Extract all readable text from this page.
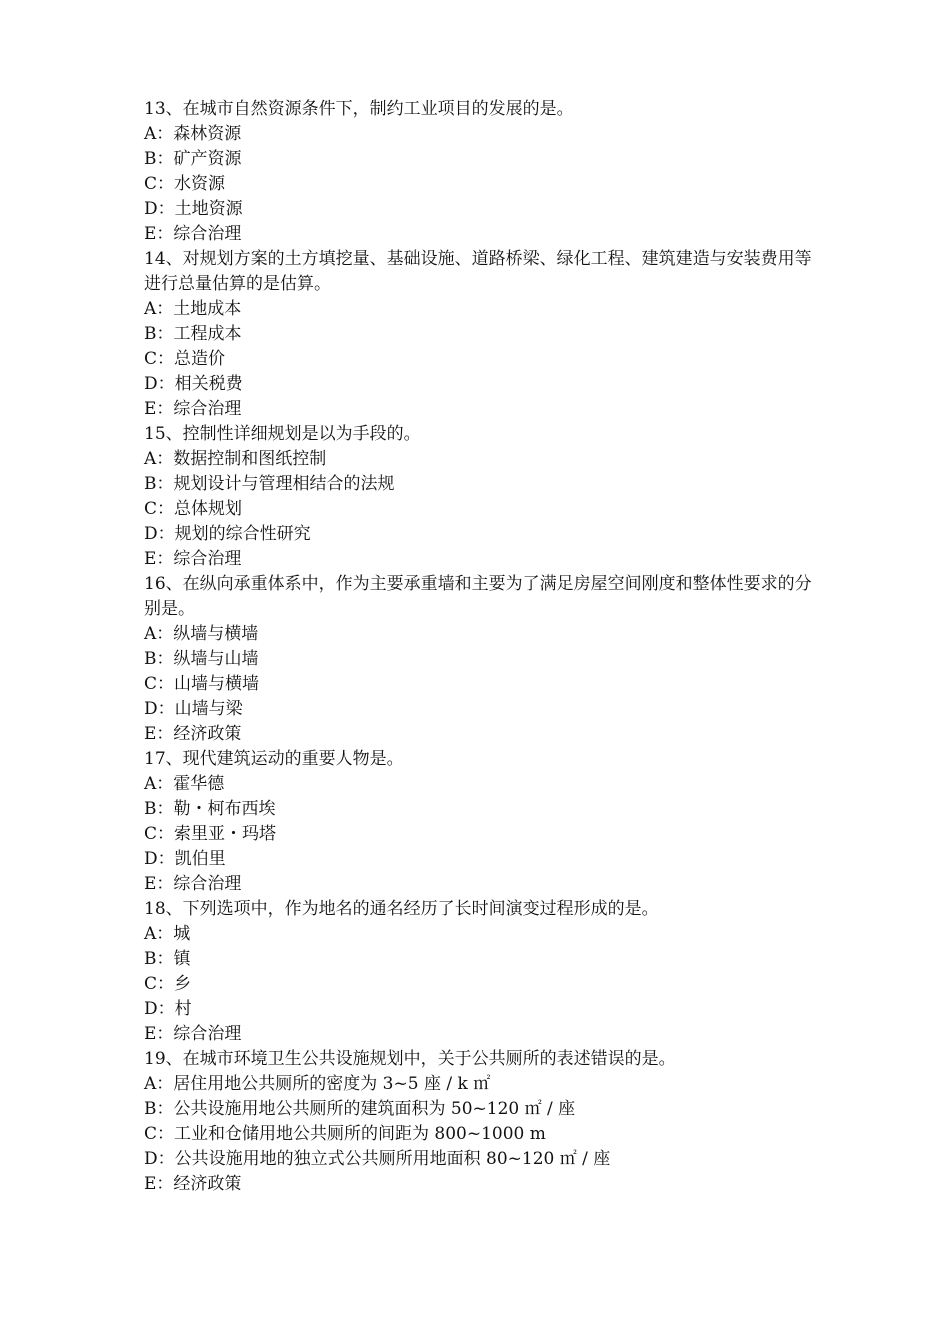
13、在城市自然资源条件下，制约工业项目的发展的是。
A：森林资源
B：矿产资源
C：水资源
D：土地资源
E：综合治理
14、对规划方案的土方填挖量、基础设施、道路桥梁、绿化工程、建筑建造与安装费用等进行总量估算的是估算。
A：土地成本
B：工程成本
C：总造价
D：相关税费
E：综合治理
15、控制性详细规划是以为手段的。
A：数据控制和图纸控制
B：规划设计与管理相结合的法规
C：总体规划
D：规划的综合性研究
E：综合治理
16、在纵向承重体系中，作为主要承重墙和主要为了满足房屋空间刚度和整体性要求的分别是。
A：纵墙与横墙
B：纵墙与山墙
C：山墙与横墙
D：山墙与梁
E：经济政策
17、现代建筑运动的重要人物是。
A：霍华德
B：勒・柯布西埃
C：索里亚・玛塔
D：凯伯里
E：综合治理
18、下列选项中，作为地名的通名经历了长时间演变过程形成的是。
A：城
B：镇
C：乡
D：村
E：综合治理
19、在城市环境卫生公共设施规划中，关于公共厕所的表述错误的是。
A：居住用地公共厕所的密度为 3~5 座 / k ㎡
B：公共设施用地公共厕所的建筑面积为 50~120 ㎡ / 座
C：工业和仓储用地公共厕所的间距为 800~1000 m
D：公共设施用地的独立式公共厕所用地面积 80~120 ㎡ / 座
E：经济政策
